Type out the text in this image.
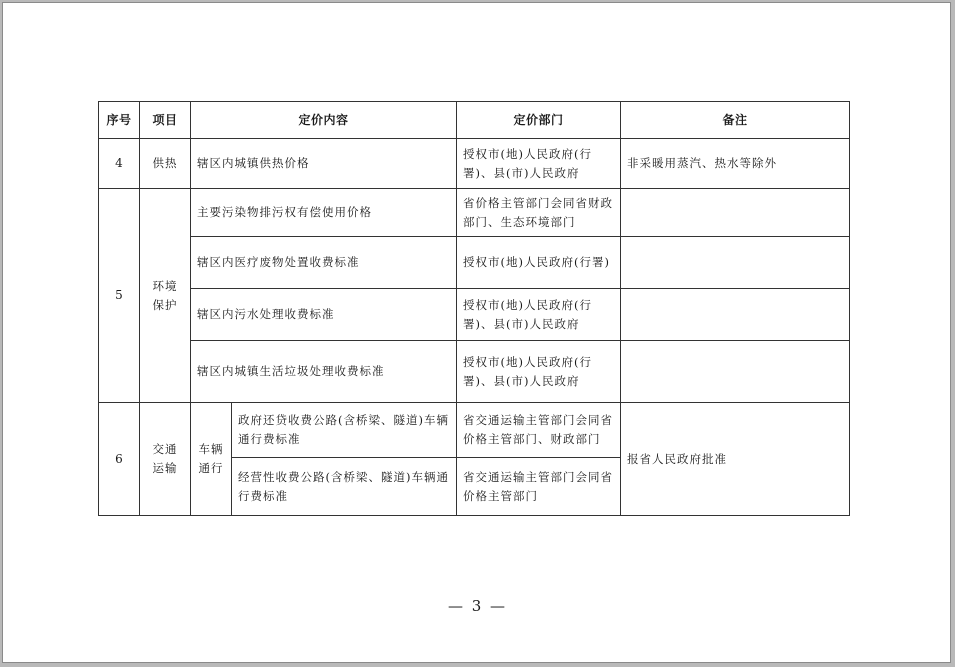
序号	项目	定价内容		定价部门	备注
4	供热	辖区内城镇供热价格		授权市(地)人民政府(行署)、县(市)人民政府	非采暖用蒸汽、热水等除外
5	环境保护	主要污染物排污权有偿使用价格		省价格主管部门会同省财政部门、生态环境部门	
		辖区内医疗废物处置收费标准		授权市(地)人民政府(行署)	
		辖区内污水处理收费标准		授权市(地)人民政府(行署)、县(市)人民政府	
		辖区内城镇生活垃圾处理收费标准		授权市(地)人民政府(行署)、县(市)人民政府	
6	交通运输	车辆通行	政府还贷收费公路(含桥梁、隧道)车辆通行费标准	省交通运输主管部门会同省价格主管部门、财政部门	报省人民政府批准
			经营性收费公路(含桥梁、隧道)车辆通行费标准	省交通运输主管部门会同省价格主管部门	
— 3 —
